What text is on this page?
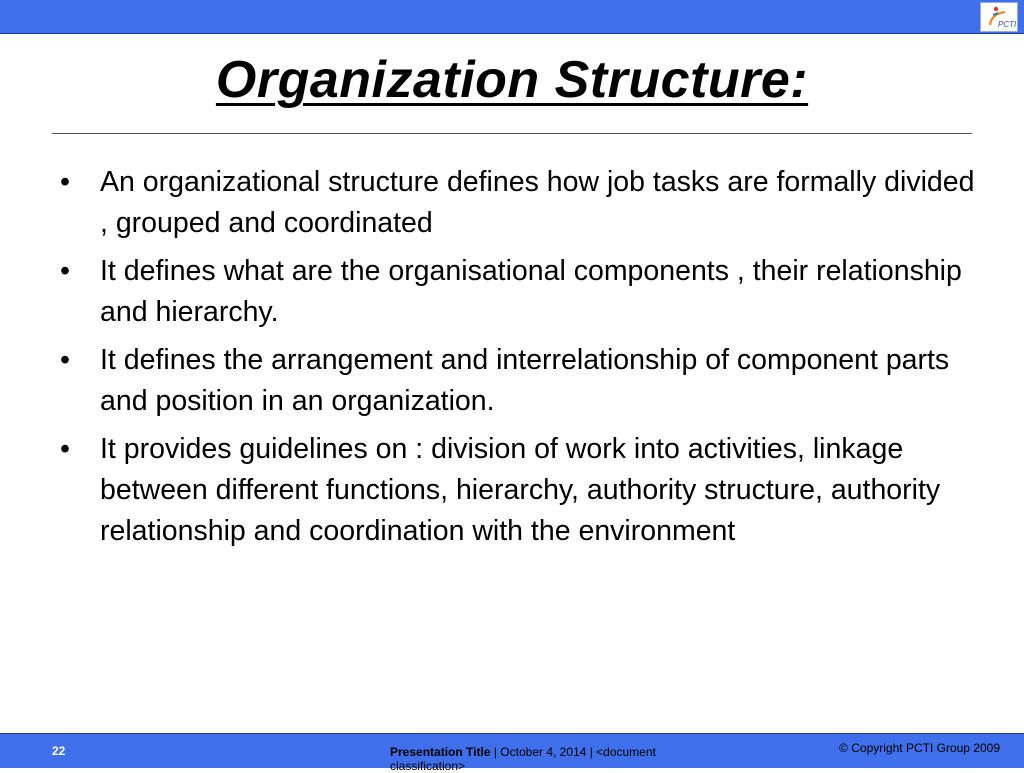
PCTI
Organization Structure:
•	An organizational structure defines how job tasks are formally divided , grouped and coordinated
•	It defines what are the organisational components , their relationship and hierarchy.
•	It defines the arrangement and interrelationship of component parts and position in an organization.
•	It provides guidelines on : division of work into activities, linkage between different functions, hierarchy, authority structure, authority relationship and coordination with the environment
22	Presentation Title | October 4, 2014 | <document classification>
© Copyright PCTI Group 2009
